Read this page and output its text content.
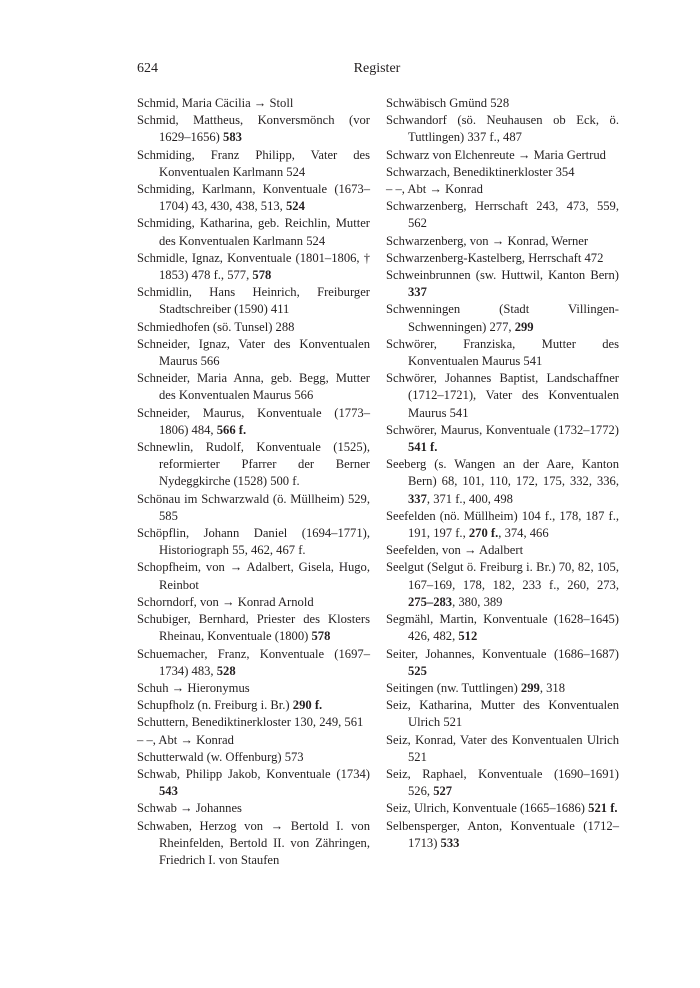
624	Register
Schmid, Maria Cäcilia → Stoll
Schmid, Mattheus, Konversmönch (vor 1629–1656) 583
Schmiding, Franz Philipp, Vater des Konventualen Karlmann 524
Schmiding, Karlmann, Konventuale (1673–1704) 43, 430, 438, 513, 524
Schmiding, Katharina, geb. Reichlin, Mutter des Konventualen Karlmann 524
Schmidle, Ignaz, Konventuale (1801–1806, † 1853) 478 f., 577, 578
Schmidlin, Hans Heinrich, Freiburger Stadtschreiber (1590) 411
Schmiedhofen (sö. Tunsel) 288
Schneider, Ignaz, Vater des Konventualen Maurus 566
Schneider, Maria Anna, geb. Begg, Mutter des Konventualen Maurus 566
Schneider, Maurus, Konventuale (1773–1806) 484, 566 f.
Schnewlin, Rudolf, Konventuale (1525), reformierter Pfarrer der Berner Nydeggkirche (1528) 500 f.
Schönau im Schwarzwald (ö. Müllheim) 529, 585
Schöpflin, Johann Daniel (1694–1771), Historiograph 55, 462, 467 f.
Schopfheim, von → Adalbert, Gisela, Hugo, Reinbot
Schorndorf, von → Konrad Arnold
Schubiger, Bernhard, Priester des Klosters Rheinau, Konventuale (1800) 578
Schuemacher, Franz, Konventuale (1697–1734) 483, 528
Schuh → Hieronymus
Schupfholz (n. Freiburg i. Br.) 290 f.
Schuttern, Benediktinerkloster 130, 249, 561
– –, Abt → Konrad
Schutterwald (w. Offenburg) 573
Schwab, Philipp Jakob, Konventuale (1734) 543
Schwab → Johannes
Schwaben, Herzog von → Bertold I. von Rheinfelden, Bertold II. von Zähringen, Friedrich I. von Staufen
Schwäbisch Gmünd 528
Schwandorf (sö. Neuhausen ob Eck, ö. Tuttlingen) 337 f., 487
Schwarz von Elchenreute → Maria Gertrud
Schwarzach, Benediktinerkloster 354
– –, Abt → Konrad
Schwarzenberg, Herrschaft 243, 473, 559, 562
Schwarzenberg, von → Konrad, Werner
Schwarzenberg-Kastelberg, Herrschaft 472
Schweinbrunnen (sw. Huttwil, Kanton Bern) 337
Schwenningen (Stadt Villingen-Schwenningen) 277, 299
Schwörer, Franziska, Mutter des Konventualen Maurus 541
Schwörer, Johannes Baptist, Landschaffner (1712–1721), Vater des Konventualen Maurus 541
Schwörer, Maurus, Konventuale (1732–1772) 541 f.
Seeberg (s. Wangen an der Aare, Kanton Bern) 68, 101, 110, 172, 175, 332, 336, 337, 371 f., 400, 498
Seefelden (nö. Müllheim) 104 f., 178, 187 f., 191, 197 f., 270 f., 374, 466
Seefelden, von → Adalbert
Seelgut (Selgut ö. Freiburg i. Br.) 70, 82, 105, 167–169, 178, 182, 233 f., 260, 273, 275–283, 380, 389
Segmähl, Martin, Konventuale (1628–1645) 426, 482, 512
Seiter, Johannes, Konventuale (1686–1687) 525
Seitingen (nw. Tuttlingen) 299, 318
Seiz, Katharina, Mutter des Konventualen Ulrich 521
Seiz, Konrad, Vater des Konventualen Ulrich 521
Seiz, Raphael, Konventuale (1690–1691) 526, 527
Seiz, Ulrich, Konventuale (1665–1686) 521 f.
Selbensperger, Anton, Konventuale (1712–1713) 533
